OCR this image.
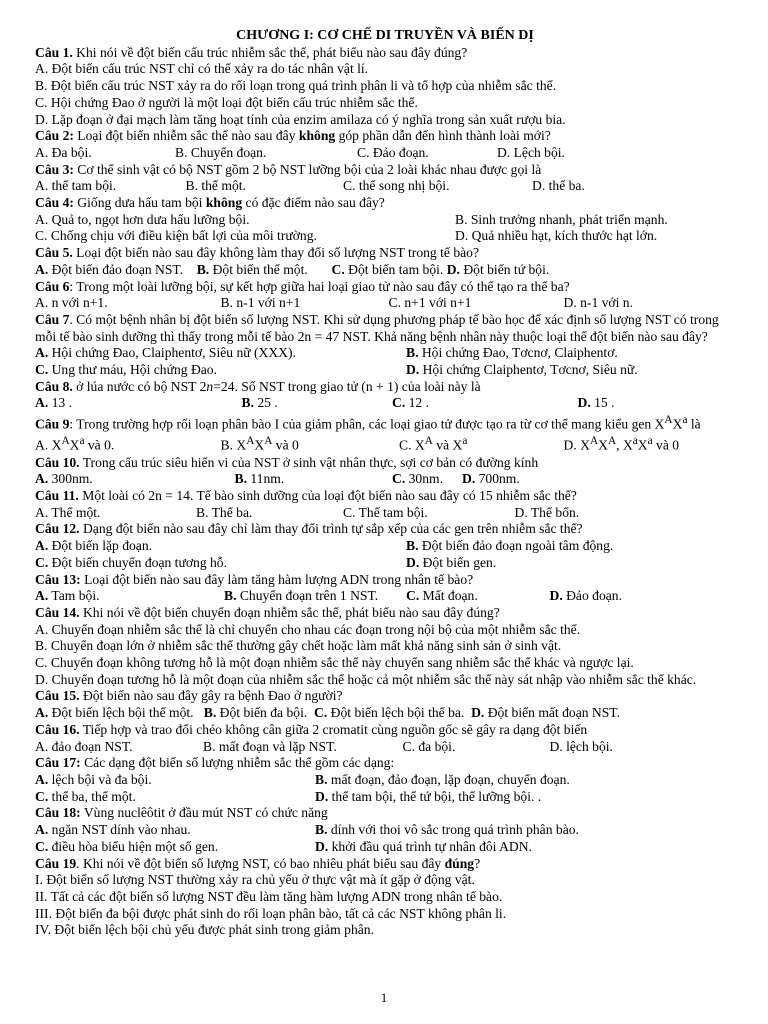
CHƯƠNG I: CƠ CHẾ DI TRUYỀN VÀ BIẾN DỊ
Câu 1. Khi nói về đột biến cấu trúc nhiễm sắc thể, phát biểu nào sau đây đúng?
A. Đột biến cấu trúc NST chỉ có thể xảy ra do tác nhân vật lí.
B. Đột biến cấu trúc NST xảy ra do rối loạn trong quá trình phân li và tổ hợp của nhiễm sắc thể.
C. Hội chứng Đao ở người là một loại đột biến cấu trúc nhiễm sắc thể.
D. Lặp đoạn ở đại mạch làm tăng hoạt tính của enzim amilaza có ý nghĩa trong sản xuất rượu bia.
Câu 2: Loại đột biến nhiễm sắc thể nào sau đây không góp phần dẫn đến hình thành loài mới?
A. Đa bội.	B. Chuyển đoạn.	C. Đảo đoạn.	D. Lệch bội.
Câu 3: Cơ thể sinh vật có bộ NST gồm 2 bộ NST lưỡng bội của 2 loài khác nhau được gọi là
A. thể tam bội.	B. thể một.	C. thể song nhị bội.	D. thể ba.
Câu 4: Giống dưa hấu tam bội không có đặc điểm nào sau đây?
A. Quả to, ngọt hơn dưa hấu lưỡng bội.	B. Sinh trưởng nhanh, phát triển mạnh.
C. Chống chịu với điều kiện bất lợi của môi trường.	D. Quả nhiều hạt, kích thước hạt lớn.
Câu 5. Loại đột biến nào sau đây không làm thay đổi số lượng NST trong tế bào?
A. Đột biến đảo đoạn NST. B. Đột biến thể một. C. Đột biến tam bội. D. Đột biến tứ bội.
Câu 6: Trong một loài lưỡng bội, sự kết hợp giữa hai loại giao tử nào sau đây có thể tạo ra thể ba?
A. n với n+1.	B. n-1 với n+1	C. n+1 với n+1	D. n-1 với n.
Câu 7. Có một bệnh nhân bị đột biến số lượng NST. Khi sử dụng phương pháp tế bào học để xác định số lượng NST có trong mỗi tế bào sinh dưỡng thì thấy trong mỗi tế bào 2n = 47 NST. Khả năng bệnh nhân này thuộc loại thể đột biến nào sau đây?
A. Hội chứng Đao, Claiphentơ, Siêu nữ (XXX).	B. Hội chứng Đao, Tơcnơ, Claiphentơ.
C. Ung thư máu, Hội chứng Đao.	D. Hội chứng Claiphentơ, Tơcnơ, Siêu nữ.
Câu 8. ở lúa nước có bộ NST 2n=24. Số NST trong giao tử (n + 1) của loài này là
A. 13 .	B. 25 .	C. 12 .	D. 15 .
Câu 9: Trong trường hợp rối loạn phân bào I của giảm phân, các loại giao tử được tạo ra từ cơ thể mang kiểu gen $X^AX^a$ là
A. $X^AX^a$ và 0.	B. $X^AX^A$ và 0	C. $X^A$ và $X^a$	D. $X^AX^A$, $X^aX^a$ và 0
Câu 10. Trong cấu trúc siêu hiển vi của NST ở sinh vật nhân thực, sợi cơ bản có đường kính
A. 300nm.	B. 11nm.	C. 30nm.	D. 700nm.
Câu 11. Một loài có 2n = 14. Tế bào sinh dưỡng của loại đột biến nào sau đây có 15 nhiễm sắc thể?
A. Thể một.	B. Thể ba.	C. Thể tam bội.	D. Thể bốn.
Câu 12. Dạng đột biến nào sau đây chỉ làm thay đổi trình tự sắp xếp của các gen trên nhiễm sắc thể?
A. Đột biến lặp đoạn.	B. Đột biến đảo đoạn ngoài tâm động.
C. Đột biến chuyển đoạn tương hỗ.	D. Đột biến gen.
Câu 13: Loại đột biến nào sau đây làm tăng hàm lượng ADN trong nhân tế bào?
A. Tam bội.	B. Chuyển đoạn trên 1 NST.	C. Mất đoạn.	D. Đảo đoạn.
Câu 14. Khi nói về đột biến chuyển đoạn nhiễm sắc thể, phát biểu nào sau đây đúng?
A. Chuyển đoạn nhiễm sắc thể là chỉ chuyển cho nhau các đoạn trong nội bộ của một nhiễm sắc thể.
B. Chuyển đoạn lớn ở nhiễm sắc thể thường gây chết hoặc làm mất khả năng sinh sản ở sinh vật.
C. Chuyển đoạn không tương hỗ là một đoạn nhiễm sắc thể này chuyển sang nhiễm sắc thể khác và ngược lại.
D. Chuyển đoạn tương hỗ là một đoạn của nhiễm sắc thể hoặc cả một nhiễm sắc thể này sát nhập vào nhiễm sắc thể khác.
Câu 15. Đột biến nào sau đây gây ra bệnh Đao ở người?
A. Đột biến lệch bội thể một. B. Đột biến đa bội. C. Đột biến lệch bội thể ba. D. Đột biến mất đoạn NST.
Câu 16. Tiếp hợp và trao đổi chéo không cân giữa 2 cromatit cùng nguồn gốc sẽ gây ra dạng đột biến
A. đảo đoạn NST.	B. mất đoạn và lặp NST.	C. đa bội.	D. lệch bội.
Câu 17: Các dạng đột biến số lượng nhiễm sắc thể gồm các dạng:
A. lệch bội và đa bội.	B. mất đoạn, đảo đoạn, lặp đoạn, chuyển đoạn.
C. thể ba, thể một.	D. thể tam bội, thể tứ bội, thể lưỡng bội. .
Câu 18: Vùng nuclêôtit ở đầu mút NST có chức năng
A. ngăn NST dính vào nhau.	B. dính với thoi vô sắc trong quá trình phân bào.
C. điều hòa biểu hiện một số gen.	D. khởi đầu quá trình tự nhân đôi ADN.
Câu 19. Khi nói về đột biến số lượng NST, có bao nhiêu phát biểu sau đây đúng?
I. Đột biến số lượng NST thường xảy ra chủ yếu ở thực vật mà ít gặp ở động vật.
II. Tất cả các đột biến số lượng NST đều làm tăng hàm lượng ADN trong nhân tế bào.
III. Đột biến đa bội được phát sinh do rối loạn phân bào, tất cả các NST không phân li.
IV. Đột biến lệch bội chủ yếu được phát sinh trong giảm phân.
1
